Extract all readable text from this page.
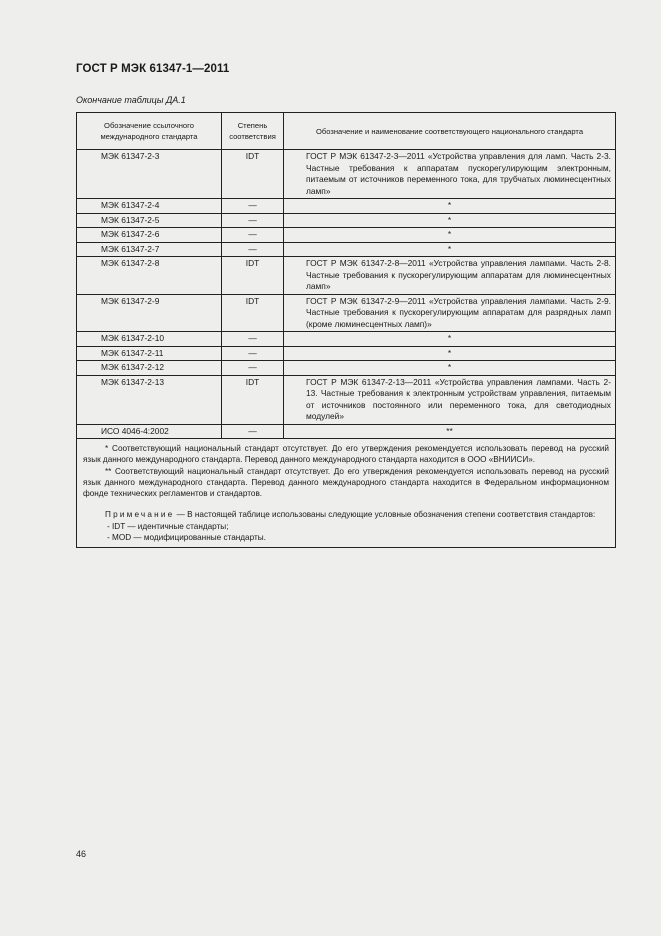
ГОСТ Р МЭК 61347-1—2011
Окончание таблицы ДА.1
Обозначение ссылочного международного стандарта	Степень соответствия	Обозначение и наименование соответствующего национального стандарта
МЭК 61347-2-3	IDT	ГОСТ Р МЭК 61347-2-3—2011 «Устройства управления для ламп. Часть 2-3. Частные требования к аппаратам пускорегулирующим электронным, питаемым от источников переменного тока, для трубчатых люминесцентных ламп»

МЭК 61347-2-4	—	*
МЭК 61347-2-5	—	*
МЭК 61347-2-6	—	*
МЭК 61347-2-7	—	*
МЭК 61347-2-8	IDT	ГОСТ Р МЭК 61347-2-8—2011 «Устройства управления лампами. Часть 2-8. Частные требования к пускорегулирующим аппаратам для люминесцентных ламп»

МЭК 61347-2-9	IDT	ГОСТ Р МЭК 61347-2-9—2011 «Устройства управления лампами. Часть 2-9. Частные требования к пускорегулирующим аппаратам для разрядных ламп (кроме люминесцентных ламп)»

МЭК 61347-2-10	—	*
МЭК 61347-2-11	—	*
МЭК 61347-2-12	—	*
МЭК 61347-2-13	IDT	ГОСТ Р МЭК 61347-2-13—2011 «Устройства управления лампами. Часть 2-13. Частные требования к электронным устройствам управления, питаемым от источников постоянного или переменного тока, для светодиодных модулей»

ИСО 4046-4:2002	—	**

* Соответствующий национальный стандарт отсутствует. До его утверждения рекомендуется использовать перевод на русский язык данного международного стандарта. Перевод данного международного стандарта находится в ООО «ВНИИСИ».

** Соответствующий национальный стандарт отсутствует. До его утверждения рекомендуется использовать перевод на русский язык данного международного стандарта. Перевод данного международного стандарта находится в Федеральном информационном фонде технических регламентов и стандартов.

Примечание — В настоящей таблице использованы следующие условные обозначения степени соответствия стандартов:

- IDT — идентичные стандарты;

- MOD — модифицированные стандарты.		

46
